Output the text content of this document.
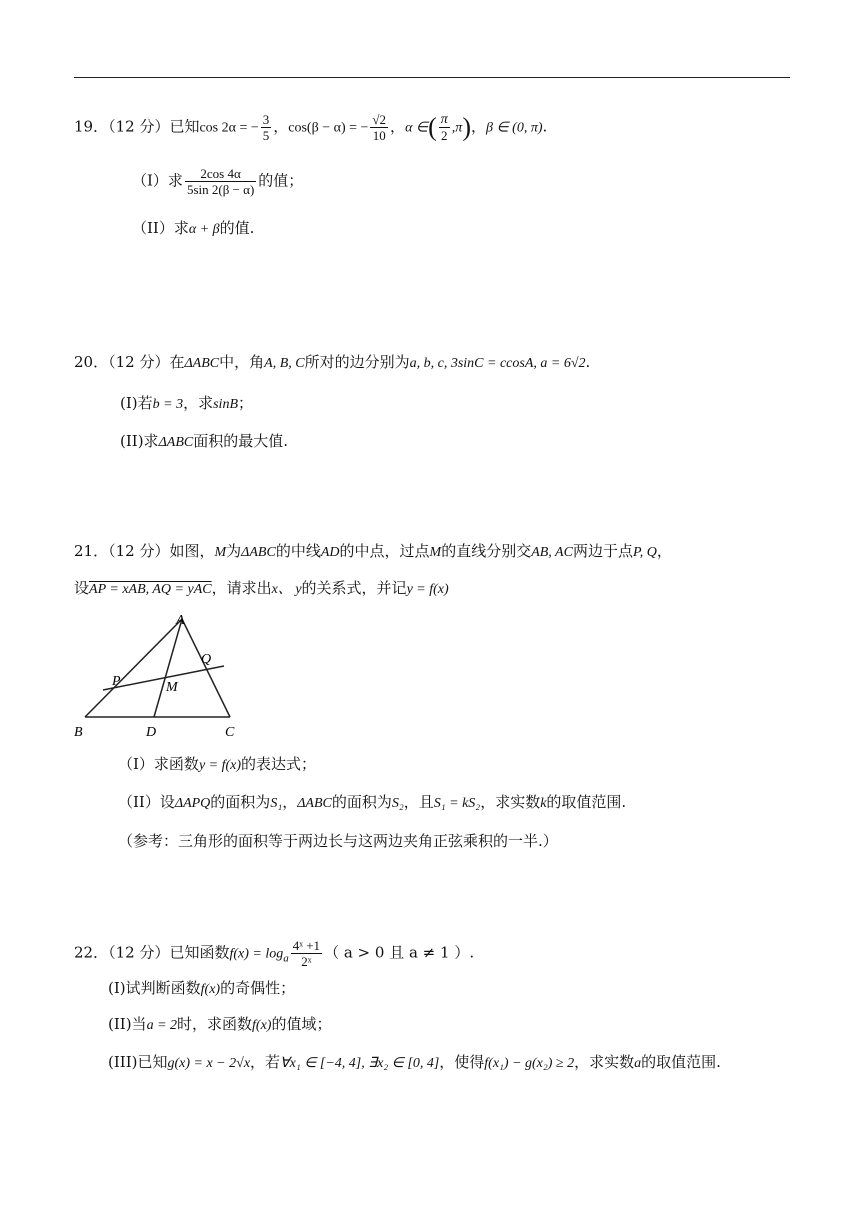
19．（12 分）已知cos 2α = − $\frac{3}{5}$ ，cos(β − α) = − $\frac{√2}{10}$ ，α ∈( $\frac{\pi}{2} ,\pi$)，β ∈ (0, π).
（I）求 $\frac{2\cos 4\alpha}{5\sin 2(\beta - \alpha)}$ 的值；
（II）求α + β的值.
20．（12 分）在ΔABC中，角A, B, C所对的边分别为a, b, c, 3sinC = ccosA, a = 6√2.
(I)若b = 3，求sinB；
(II)求ΔABC面积的最大值.
21．（12 分）如图，M为ΔABC的中线AD的中点，过点M的直线分别交AB, AC两边于点P, Q，
设AP = xAB, AQ = yAC，请求出x、 y的关系式，并记y = f(x)
A
B	C
D
M
P
Q
（I）求函数y = f(x)的表达式；
（II）设ΔAPQ的面积为S₁，ΔABC的面积为S₂，且S₁ = kS₂，求实数k的取值范围.
（参考：三角形的面积等于两边长与这两边夹角正弦乘积的一半.）
22．（12 分）已知函数$f(x) = \log_a \frac{\text{4ˣ +1}}{\text{2ˣ}}$ （ a > 0 且 a ≠ 1 ）.
(I)试判断函数f(x)的奇偶性；
(II)当a = 2时，求函数f(x)的值域；
(III)已知g(x) = x − 2√x，若∀x₁ ∈ [−4, 4], ∃x₂ ∈ [0, 4]，使得f(x₁) − g(x₂) ≥ 2，求实数a的取值范围.
